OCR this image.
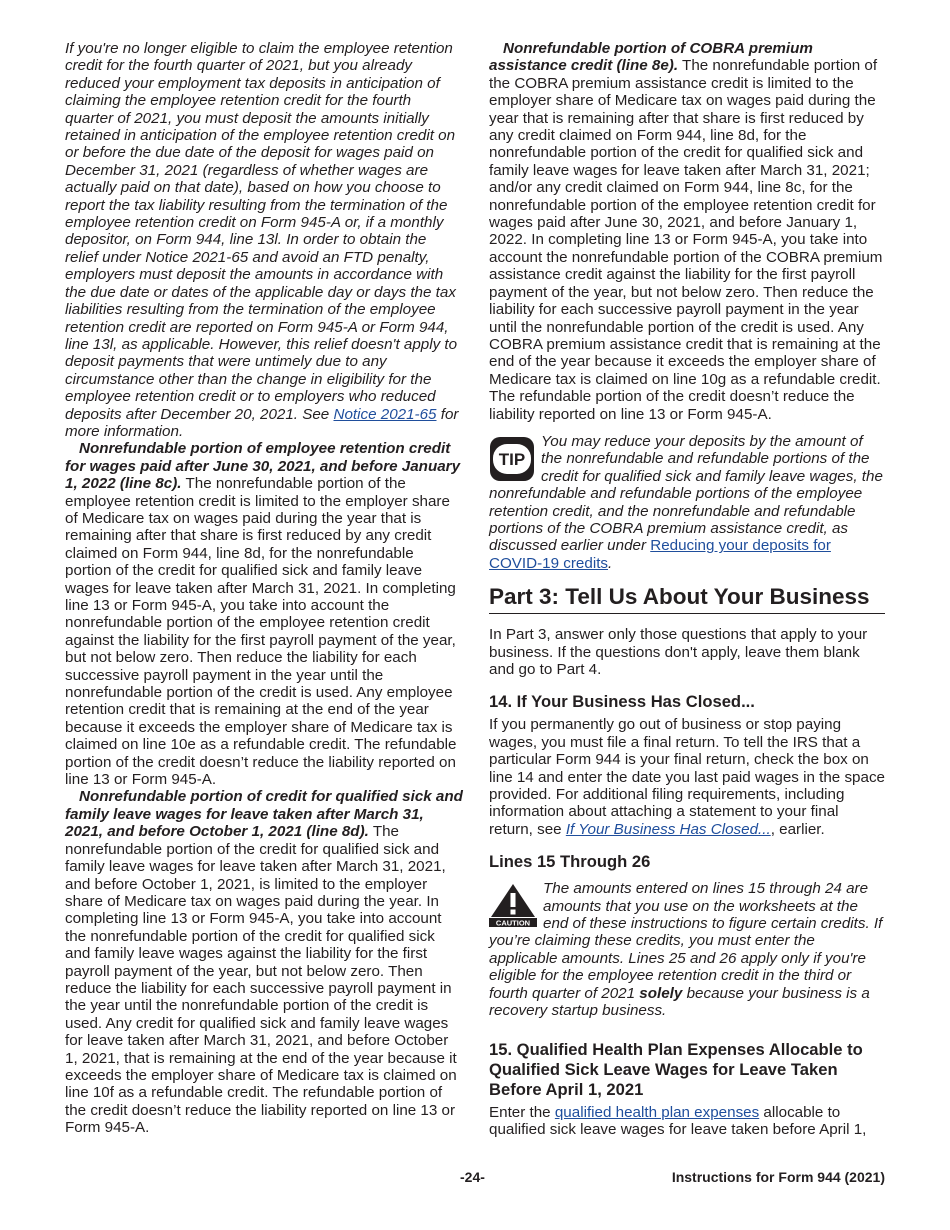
If you're no longer eligible to claim the employee retention credit for the fourth quarter of 2021, but you already reduced your employment tax deposits in anticipation of claiming the employee retention credit for the fourth quarter of 2021, you must deposit the amounts initially retained in anticipation of the employee retention credit on or before the due date of the deposit for wages paid on December 31, 2021 (regardless of whether wages are actually paid on that date), based on how you choose to report the tax liability resulting from the termination of the employee retention credit on Form 945-A or, if a monthly depositor, on Form 944, line 13l. In order to obtain the relief under Notice 2021-65 and avoid an FTD penalty, employers must deposit the amounts in accordance with the due date or dates of the applicable day or days the tax liabilities resulting from the termination of the employee retention credit are reported on Form 945-A or Form 944, line 13l, as applicable. However, this relief doesn't apply to deposit payments that were untimely due to any circumstance other than the change in eligibility for the employee retention credit or to employers who reduced deposits after December 20, 2021. See Notice 2021-65 for more information.

Nonrefundable portion of employee retention credit for wages paid after June 30, 2021, and before January 1, 2022 (line 8c). The nonrefundable portion of the employee retention credit is limited to the employer share of Medicare tax on wages paid during the year that is remaining after that share is first reduced by any credit claimed on Form 944, line 8d, for the nonrefundable portion of the credit for qualified sick and family leave wages for leave taken after March 31, 2021. In completing line 13 or Form 945-A, you take into account the nonrefundable portion of the employee retention credit against the liability for the first payroll payment of the year, but not below zero. Then reduce the liability for each successive payroll payment in the year until the nonrefundable portion of the credit is used. Any employee retention credit that is remaining at the end of the year because it exceeds the employer share of Medicare tax is claimed on line 10e as a refundable credit. The refundable portion of the credit doesn’t reduce the liability reported on line 13 or Form 945-A.

Nonrefundable portion of credit for qualified sick and family leave wages for leave taken after March 31, 2021, and before October 1, 2021 (line 8d). The nonrefundable portion of the credit for qualified sick and family leave wages for leave taken after March 31, 2021, and before October 1, 2021, is limited to the employer share of Medicare tax on wages paid during the year. In completing line 13 or Form 945-A, you take into account the nonrefundable portion of the credit for qualified sick and family leave wages against the liability for the first payroll payment of the year, but not below zero. Then reduce the liability for each successive payroll payment in the year until the nonrefundable portion of the credit is used. Any credit for qualified sick and family leave wages for leave taken after March 31, 2021, and before October 1, 2021, that is remaining at the end of the year because it exceeds the employer share of Medicare tax is claimed on line 10f as a refundable credit. The refundable portion of the credit doesn’t reduce the liability reported on line 13 or Form 945-A.

Nonrefundable portion of COBRA premium assistance credit (line 8e). The nonrefundable portion of the COBRA premium assistance credit is limited to the employer share of Medicare tax on wages paid during the year that is remaining after that share is first reduced by any credit claimed on Form 944, line 8d, for the nonrefundable portion of the credit for qualified sick and family leave wages for leave taken after March 31, 2021; and/or any credit claimed on Form 944, line 8c, for the nonrefundable portion of the employee retention credit for wages paid after June 30, 2021, and before January 1, 2022. In completing line 13 or Form 945-A, you take into account the nonrefundable portion of the COBRA premium assistance credit against the liability for the first payroll payment of the year, but not below zero. Then reduce the liability for each successive payroll payment in the year until the nonrefundable portion of the credit is used. Any COBRA premium assistance credit that is remaining at the end of the year because it exceeds the employer share of Medicare tax is claimed on line 10g as a refundable credit. The refundable portion of the credit doesn’t reduce the liability reported on line 13 or Form 945-A.

TIP
You may reduce your deposits by the amount of the nonrefundable and refundable portions of the credit for qualified sick and family leave wages, the nonrefundable and refundable portions of the employee retention credit, and the nonrefundable and refundable portions of the COBRA premium assistance credit, as discussed earlier under Reducing your deposits for COVID-19 credits.
Part 3: Tell Us About Your Business

In Part 3, answer only those questions that apply to your business. If the questions don't apply, leave them blank and go to Part 4.

14. If Your Business Has Closed...

If you permanently go out of business or stop paying wages, you must file a final return. To tell the IRS that a particular Form 944 is your final return, check the box on line 14 and enter the date you last paid wages in the space provided. For additional filing requirements, including information about attaching a statement to your final return, see If Your Business Has Closed..., earlier.

Lines 15 Through 26
CAUTION
The amounts entered on lines 15 through 24 are amounts that you use on the worksheets at the end of these instructions to figure certain credits. If you’re claiming these credits, you must enter the applicable amounts. Lines 25 and 26 apply only if you're eligible for the employee retention credit in the third or fourth quarter of 2021 solely because your business is a recovery startup business.
15. Qualified Health Plan Expenses Allocable to Qualified Sick Leave Wages for Leave Taken Before April 1, 2021

Enter the qualified health plan expenses allocable to qualified sick leave wages for leave taken before April 1,

-24-	Instructions for Form 944 (2021)
